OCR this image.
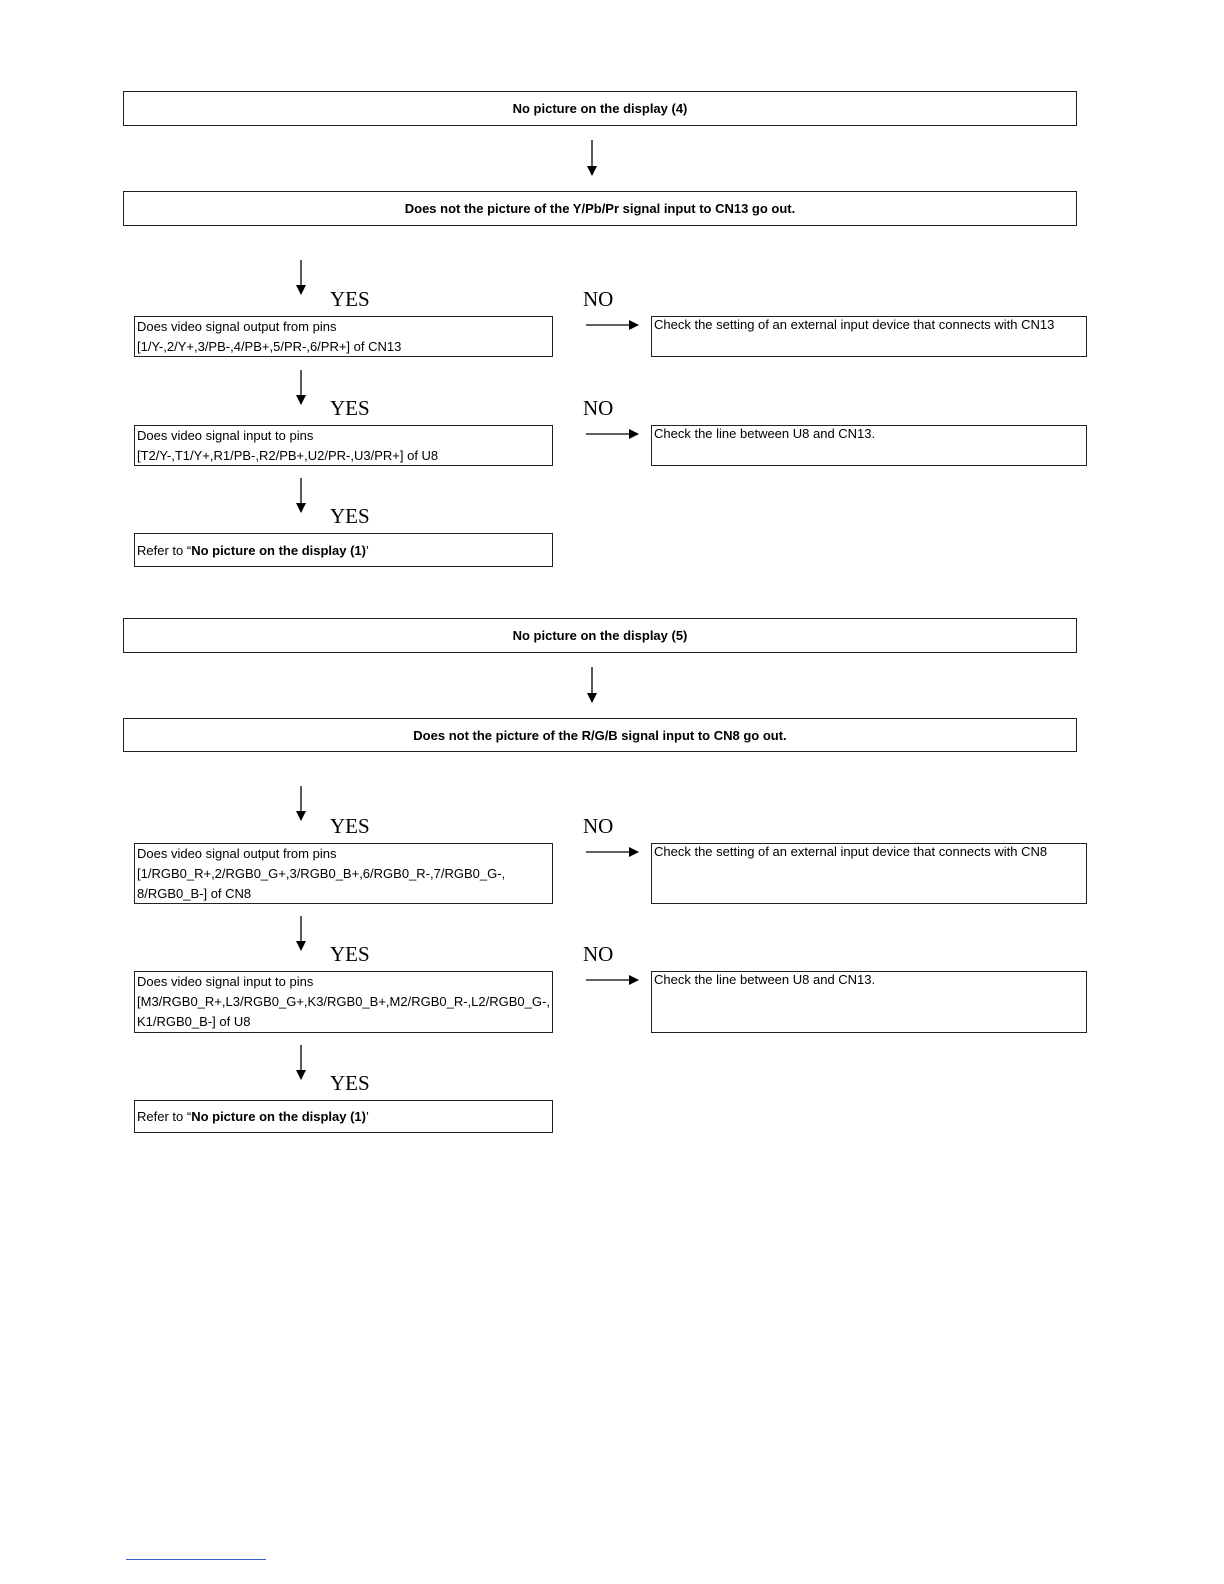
No picture on the display (4)
Does not the picture of the Y/Pb/Pr signal input to CN13 go out.
YES	NO
Does video signal output from pins
[1/Y-,2/Y+,3/PB-,4/PB+,5/PR-,6/PR+] of CN13
Check the setting of an external input device that connects with CN13
YES	NO
Does video signal input to pins
[T2/Y-,T1/Y+,R1/PB-,R2/PB+,U2/PR-,U3/PR+] of U8
Check the line between U8 and CN13.
YES
Refer to “ No picture on the display (1) ’
No picture on the display (5)
Does not the picture of the R/G/B signal input to CN8 go out.
YES	NO
Does video signal output from pins
[1/RGB0_R+,2/RGB0_G+,3/RGB0_B+,6/RGB0_R-,7/RGB0_G-,
8/RGB0_B-] of CN8
Check the setting of an external input device that connects with CN8
YES	NO
Does video signal input to pins
[M3/RGB0_R+,L3/RGB0_G+,K3/RGB0_B+,M2/RGB0_R-,L2/RGB0_G-,
K1/RGB0_B-] of U8
Check the line between U8 and CN13.
YES
Refer to “ No picture on the display (1) ’
